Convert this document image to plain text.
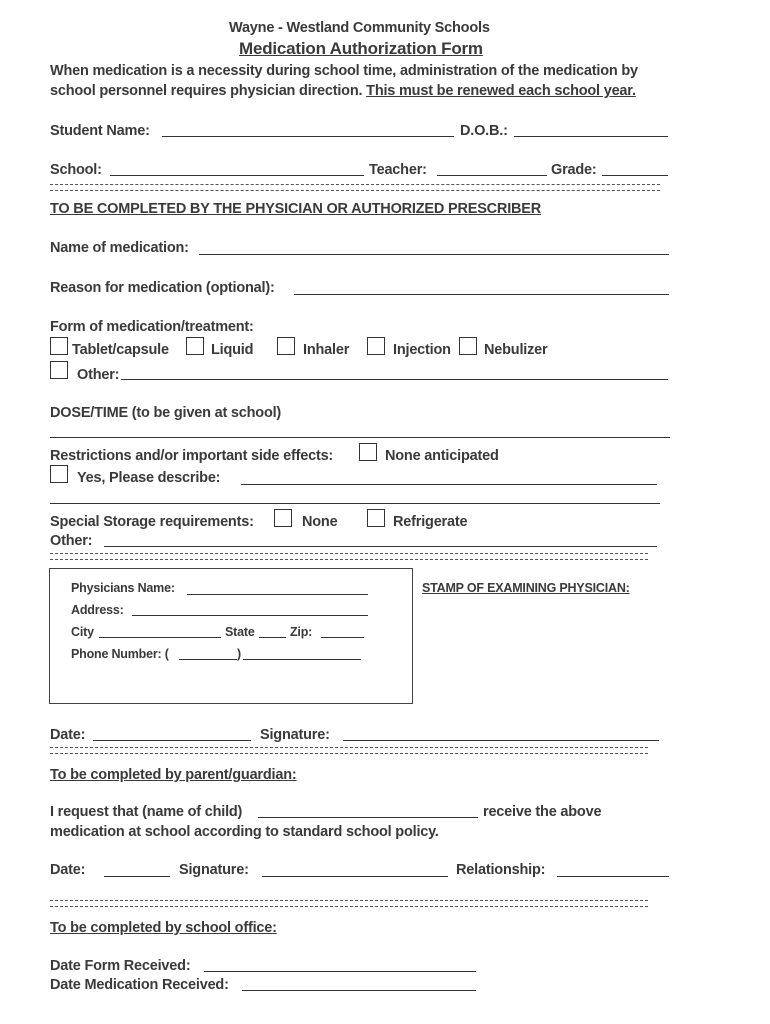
Wayne - Westland Community Schools
Medication Authorization Form
When medication is a necessity during school time, administration of the medication by
school personnel requires physician direction. This must be renewed each school year.
Student Name:	D.O.B.:
School:	Teacher:	Grade:
TO BE COMPLETED BY THE PHYSICIAN OR AUTHORIZED PRESCRIBER
Name of medication:
Reason for medication (optional):
Form of medication/treatment:
Tablet/capsule	Liquid	Inhaler	Injection Nebulizer
Other:
DOSE/TIME (to be given at school)
Restrictions and/or important side effects:	None anticipated
Yes, Please describe:
Special Storage requirements:	None	Refrigerate
Other:
Physicians Name:
Address:
City	State	Zip:
Phone Number: (	)
STAMP OF EXAMINING PHYSICIAN:
Date:	Signature:
To be completed by parent/guardian:
I request that (name of child)	receive the above
medication at school according to standard school policy.
Date:	Signature:	Relationship:
To be completed by school office:
Date Form Received:
Date Medication Received:
